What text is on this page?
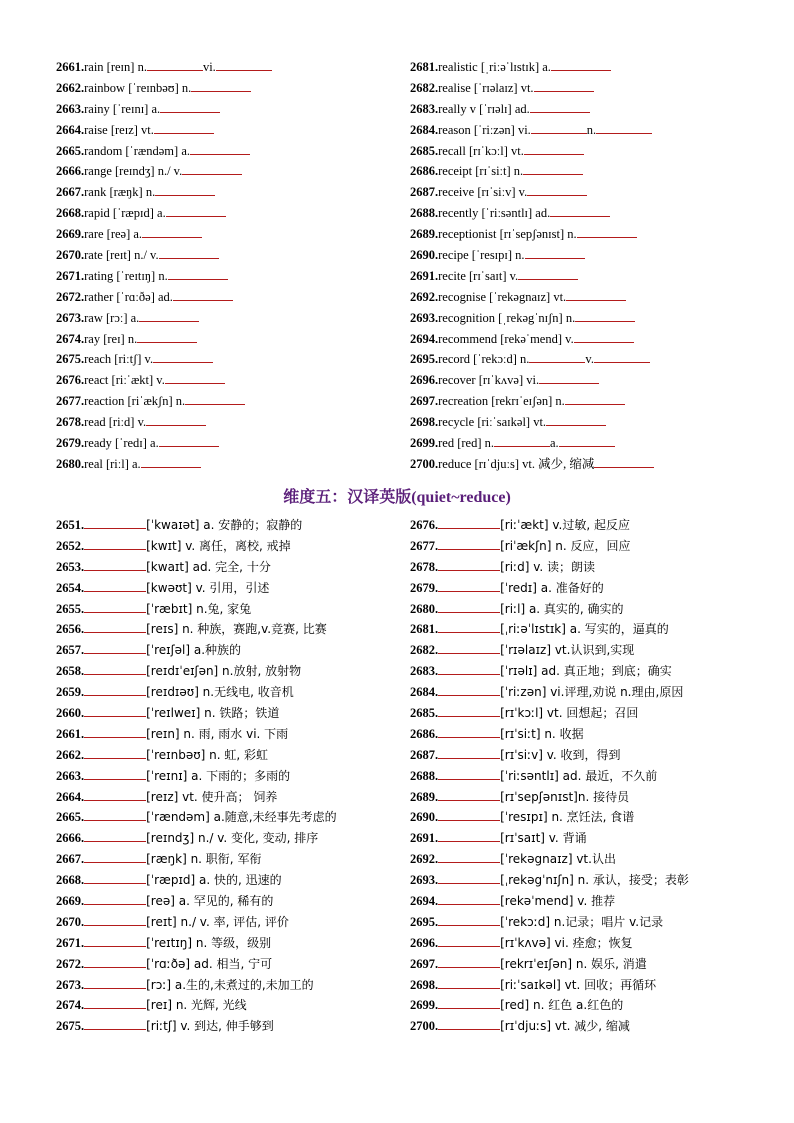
2661.rain [reɪn] n.	vi.
2662.rainbow [ˈreɪnbəʊ] n.
2663.rainy [ˈreɪnɪ] a.
2664.raise [reɪz] vt.
2665.random [ˈrændəm] a.
2666.range [reɪndʒ] n./ v.
2667.rank [ræŋk] n.
2668.rapid [ˈræpɪd] a.
2669.rare [reə] a.
2670.rate [reɪt] n./ v.
2671.rating [ˈreɪtɪŋ] n.
2672.rather [ˈrɑːðə] ad.
2673.raw [rɔː] a.
2674.ray [reɪ] n.
2675.reach [riːtʃ] v.
2676.react [riːˈækt] v.
2677.reaction [riˈækʃn] n.
2678.read [riːd] v.
2679.ready [ˈredɪ] a.
2680.real [riːl] a.
2681.realistic [ˌriːəˈlɪstɪk] a.
2682.realise [ˈrɪəlaɪz] vt.
2683.really v [ˈrɪəlɪ] ad.
2684.reason [ˈriːzən] vi.	n.
2685.recall [rɪˈkɔːl] vt.
2686.receipt [rɪˈsiːt] n.
2687.receive [rɪˈsiːv] v.
2688.recently [ˈriːsəntlɪ] ad.
2689.receptionist [rɪˈsepʃənɪst] n.
2690.recipe [ˈresɪpɪ] n.
2691.recite [rɪˈsaɪt] v.
2692.recognise [ˈrekəgnaɪz] vt.
2693.recognition [ˌrekəgˈnɪʃn] n.
2694.recommend [rekəˈmend] v.
2695.record [ˈrekɔːd] n.	v.
2696.recover [rɪˈkʌvə] vi.
2697.recreation [rekrɪˈeɪʃən] n.
2698.recycle [riːˈsaɪkəl] vt.
2699.red [red] n.	a.
2700.reduce [rɪˈdjuːs] vt. 减少, 缩减
维度五：汉译英版(quiet~reduce)
2651.	[ˈkwaɪət] a. 安静的；寂静的
2652.	[kwɪt] v. 离任，离校, 戒掉
2653.	[kwaɪt] ad. 完全, 十分
2654.	[kwəʊt] v. 引用，引述
2655.	[ˈræbɪt] n.兔, 家兔
2656.	[reɪs] n. 种族，赛跑,v.竞赛, 比赛
2657.	[ˈreɪʃəl] a.种族的
2658.	[reɪdɪˈeɪʃən] n.放射, 放射物
2659.	[reɪdɪəʊ] n.无线电, 收音机
2660.	[ˈreɪlweɪ] n. 铁路；铁道
2661.	[reɪn] n. 雨, 雨水 vi. 下雨
2662.	[ˈreɪnbəʊ] n. 虹, 彩虹
2663.	[ˈreɪnɪ] a. 下雨的；多雨的
2664.	[reɪz] vt. 使升高； 饲养
2665.	[ˈrændəm] a.随意,未经事先考虑的
2666.	[reɪndʒ] n./ v. 变化, 变动, 排序
2667.	[ræŋk] n. 职衔, 军衔
2668.	[ˈræpɪd] a. 快的, 迅速的
2669.	[reə] a. 罕见的, 稀有的
2670.	[reɪt] n./ v. 率, 评估, 评价
2671.	[ˈreɪtɪŋ] n. 等级，级别
2672.	[ˈrɑːðə] ad. 相当, 宁可
2673.	[rɔː] a.生的,未煮过的,未加工的
2674.	[reɪ] n. 光辉, 光线
2675.	[riːtʃ] v. 到达, 伸手够到
2676.	[riːˈækt] v.过敏, 起反应
2677.	[riˈækʃn] n. 反应，回应
2678.	[riːd] v. 读；朗读
2679.	[ˈredɪ] a. 准备好的
2680.	[riːl] a. 真实的, 确实的
2681.	[ˌriːəˈlɪstɪk] a. 写实的，逼真的
2682.	[ˈrɪəlaɪz] vt.认识到,实现
2683.	[ˈrɪəlɪ] ad. 真正地；到底；确实
2684.	[ˈriːzən] vi.评理,劝说 n.理由,原因
2685.	[rɪˈkɔːl] vt. 回想起；召回
2686.	[rɪˈsiːt] n. 收据
2687.	[rɪˈsiːv] v. 收到，得到
2688.	[ˈriːsəntlɪ] ad. 最近，不久前
2689.	[rɪˈsepʃənɪst]n. 接待员
2690.	[ˈresɪpɪ] n. 烹饪法, 食谱
2691.	[rɪˈsaɪt] v. 背诵
2692.	[ˈrekəgnaɪz] vt.认出
2693.	[ˌrekəgˈnɪʃn] n. 承认，接受；表彰
2694.	[rekəˈmend] v. 推荐
2695.	[ˈrekɔːd] n.记录；唱片 v.记录
2696.	[rɪˈkʌvə] vi. 痊愈；恢复
2697.	[rekrɪˈeɪʃən] n. 娱乐, 消遣
2698.	[riːˈsaɪkəl] vt. 回收；再循环
2699.	[red] n. 红色 a.红色的
2700.	[rɪˈdjuːs] vt. 减少, 缩减
